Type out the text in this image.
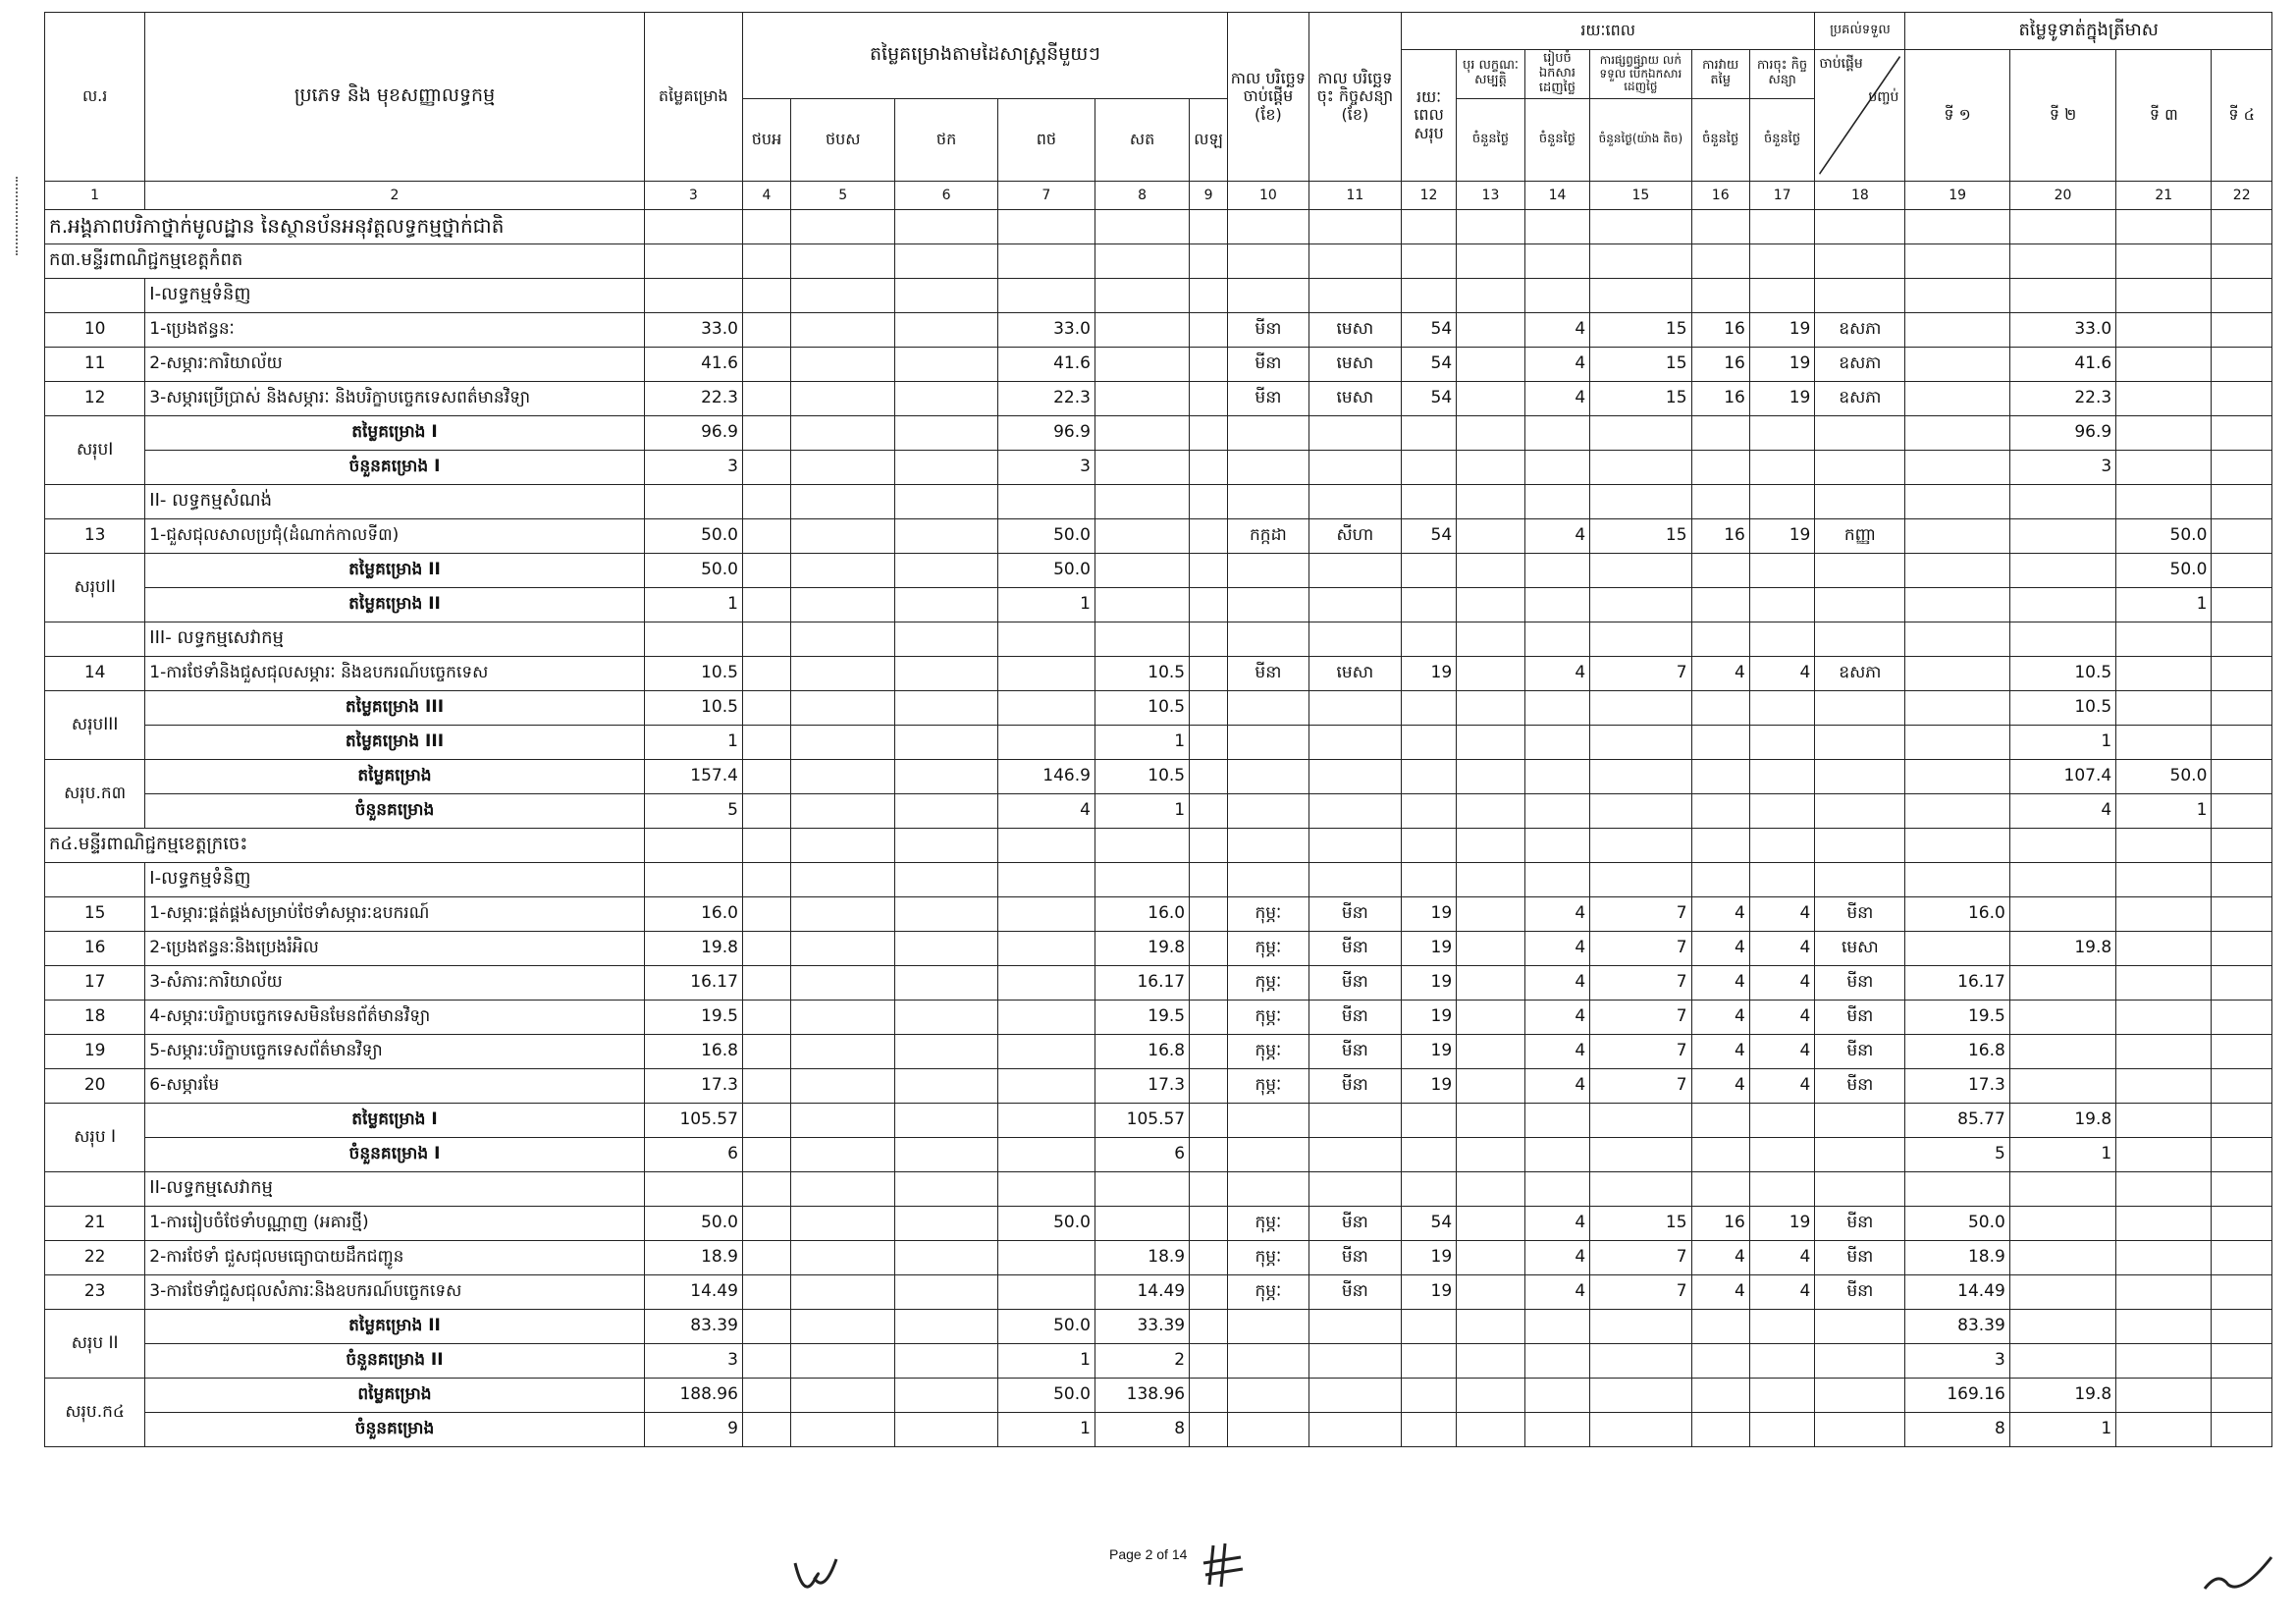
ល.រ	ប្រភេទ និង មុខសញ្ញាលទ្ធកម្ម	តម្លៃគម្រោង	តម្លៃគម្រោងតាមដៃសាស្ត្រនីមួយៗ						កាល បរិច្ឆេទ ចាប់ផ្ដើម (ខែ)	កាល បរិច្ឆេទចុះ កិច្ចសន្យា (ខែ)	រយៈពេល						ប្រគល់ទទួល	តម្លៃទូទាត់ក្នុងត្រីមាស			
											រយៈ ពេល សរុប	បុរ លក្ខណៈ សម្បត្តិ	រៀបចំ ឯកសារ ដេញថ្លៃ	ការផ្សព្វផ្សាយ លក់ ទទួល បើកឯកសារ ដេញថ្លៃ	ការវាយ តម្លៃ	ការចុះ កិច្ចសន្យា	ចាប់ផ្ដើម
បញ្ចប់	ទី ១	ទី ២	ទី ៣	ទី ៤
			ថបអ	ថបស	ថក	ពថ	សត	លឡ				ចំនួនថ្ងៃ	ចំនួនថ្ងៃ	ចំនួនថ្ងៃ(យ៉ាង តិច)	ចំនួនថ្ងៃ	ចំនួនថ្ងៃ				
1	2	3	4	5	6	7	8	9	10	11	12	13	14	15	16	17	18	19	20	21	22
ក.អង្គភាពបរិកាថ្នាក់មូលដ្ឋាន នៃស្ថានប័នអនុវត្តលទ្ធកម្មថ្នាក់ជាតិ																					
ក៣.មន្ទីរពាណិជ្ជកម្មខេត្តកំពត																					
	I-លទ្ធកម្មទំនិញ																				
10	1-ប្រេងឥន្ធនៈ	33.0				33.0			មីនា	មេសា	54		4	15	16	19	ឧសភា		33.0		
11	2-សម្ភារៈការិយាល័យ	41.6				41.6			មីនា	មេសា	54		4	15	16	19	ឧសភា		41.6		
12	3-សម្ភារប្រើប្រាស់ និងសម្ភារៈ និងបរិក្ខាបច្ចេកទេសពត៌មានវិទ្យា	22.3				22.3			មីនា	មេសា	54		4	15	16	19	ឧសភា		22.3		
សរុបI	តម្លៃគម្រោង I	96.9				96.9													96.9		
	ចំនួនគម្រោង I	3				3													3		
	II- លទ្ធកម្មសំណង់																				
13	1-ជួសជុលសាលប្រជុំ(ដំណាក់កាលទី៣)	50.0				50.0			កក្កដា	សីហា	54		4	15	16	19	កញ្ញា			50.0	
សរុបII	តម្លៃគម្រោង II	50.0				50.0														50.0	
	តម្លៃគម្រោង II	1				1														1	
	III- លទ្ធកម្មសេវាកម្ម																				
14	1-ការថែទាំនិងជួសជុលសម្ភារៈ និងឧបករណ៍បច្ចេកទេស	10.5					10.5		មីនា	មេសា	19		4	7	4	4	ឧសភា		10.5		
សរុបIII	តម្លៃគម្រោង III	10.5					10.5												10.5		
	តម្លៃគម្រោង III	1					1												1		
សរុប.ក៣	តម្លៃគម្រោង	157.4				146.9	10.5												107.4	50.0	
	ចំនួនគម្រោង	5				4	1												4	1	
ក៤.មន្ទីរពាណិជ្ជកម្មខេត្តក្រចេះ																					
	I-លទ្ធកម្មទំនិញ																				
15	1-សម្ភារៈផ្គត់ផ្គង់សម្រាប់ថែទាំសម្ភារៈឧបករណ៍	16.0					16.0		កុម្ភៈ	មីនា	19		4	7	4	4	មីនា	16.0			
16	2-ប្រេងឥន្ធនៈនិងប្រេងរំអិល	19.8					19.8		កុម្ភៈ	មីនា	19		4	7	4	4	មេសា		19.8		
17	3-សំភារៈការិយាល័យ	16.17					16.17		កុម្ភៈ	មីនា	19		4	7	4	4	មីនា	16.17			
18	4-សម្ភារៈបរិក្ខាបច្ចេកទេសមិនមែនព័ត៌មានវិទ្យា	19.5					19.5		កុម្ភៈ	មីនា	19		4	7	4	4	មីនា	19.5			
19	5-សម្ភារៈបរិក្ខាបច្ចេកទេសព័ត៌មានវិទ្យា	16.8					16.8		កុម្ភៈ	មីនា	19		4	7	4	4	មីនា	16.8			
20	6-សម្ភារមែ	17.3					17.3		កុម្ភៈ	មីនា	19		4	7	4	4	មីនា	17.3			
សរុប I	តម្លៃគម្រោង I	105.57					105.57											85.77	19.8		
	ចំនួនគម្រោង I	6					6											5	1		
	II-លទ្ធកម្មសេវាកម្ម																				
21	1-ការរៀបចំថែទាំបណ្ណាញ (អគារថ្មី)	50.0				50.0			កុម្ភៈ	មីនា	54		4	15	16	19	មីនា	50.0			
22	2-ការថែទាំ ជួសជុលមធ្យោបាយដឹកជញ្ជូន	18.9					18.9		កុម្ភៈ	មីនា	19		4	7	4	4	មីនា	18.9			
23	3-ការថែទាំជួសជុលសំភារៈនិងឧបករណ៍បច្ចេកទេស	14.49					14.49		កុម្ភៈ	មីនា	19		4	7	4	4	មីនា	14.49			
សរុប II	តម្លៃគម្រោង II	83.39				50.0	33.39											83.39			
	ចំនួនគម្រោង II	3				1	2											3			
សរុប.ក៤	ពម្លៃគម្រោង	188.96				50.0	138.96											169.16	19.8		
	ចំនួនគម្រោង	9				1	8											8	1		
Page 2 of 14
